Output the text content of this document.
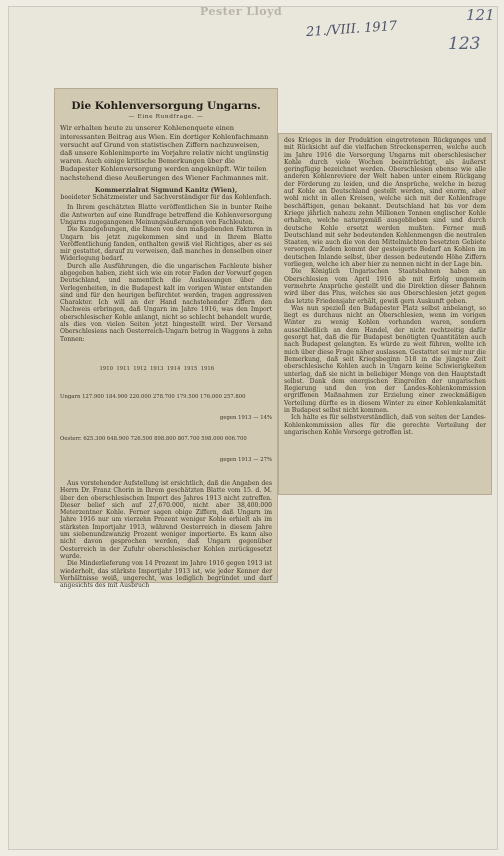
Pester Lloyd
21./VIII. 1917
121
123
Die Kohlenversorgung Ungarns.
— Eine Rundfrage. —
Wir erhalten heute zu unserer Kohlenenquete einen interessanten Beitrag aus Wien. Ein dortiger Kohlenfachmann versucht auf Grund von statistischen Ziffern nachzuweisen, daß unsere Kohlenimporte im Vorjahre relativ nicht ungünstig waren. Auch einige kritische Bemerkungen über die Budapester Kohlenversorgung werden angeknüpft. Wir teilen nachstehend diese Aeußerungen des Wiener Fachmannes mit.
Kommerzialrat Sigmund Kanitz (Wien),
beeideter Schätzmeister und Sachverständiger für das Kohlenfach.

In Ihrem geschätzten Blatte veröffentlichen Sie in bunter Reihe die Antworten auf eine Rundfrage betreffend die Kohlenversorgung Ungarns zugegangenen Meinungsäußerungen von Fachleuten.

Die Kundgebungen, die Ihnen von den maßgebenden Faktoren in Ungarn bis jetzt zugekommen sind und in Ihrem Blatte Veröffentlichung fanden, enthalten gewiß viel Richtiges, aber es sei mir gestattet, darauf zu verweisen, daß manches in denselben einer Widerlegung bedarf.

Durch alle Ausführungen, die die ungarischen Fachleute bisher abgegeben haben, zieht sich wie ein roter Faden der Vorwurf gegen Deutschland, und namentlich die Auslassungen über die Verlegenheiten, in die Budapest kalt im vorigen Winter entstanden sind und für den heurigen befürchtet werden, tragen aggressiven Charakter. Ich will an der Hand nachstehender Ziffern den Nachweis erbringen, daß Ungarn im Jahre 1916, was den Import oberschlesischer Kohle anlangt, nicht so schlecht behandelt wurde, als dies von vielen Seiten jetzt hingestellt wird. Der Versand Oberschlesiens nach Oesterreich-Ungarn betrug in Waggons à zehn Tonnen:

1910 1911 1912 1913 1914 1915 1916

Ungarn 127.900 184.900 220.000 278.700 179.500 176.000 257.800

gegen 1913 — 14%

Oesterr. 625.300 648.900 726.500 898.800 807.700 598.000 606.700

gegen 1913 — 27%

Aus vorstehender Aufstellung ist ersichtlich, daß die Angaben des Herrn Dr. Franz Chorin in Ihrem geschätzten Blatte vom 15. d. M. über den oberschlesischen Import des Jahres 1913 nicht zutreffen. Dieser belief sich auf 27,670.000, nicht aber 38,400.000 Meterzentner Kohle. Ferner sagen obige Ziffern, daß Ungarn im Jahre 1916 nur um vierzehn Prozent weniger Kohle erhielt als im stärksten Importjahr 1913, während Oesterreich in diesem Jahre um siebenundzwanzig Prozent weniger importierte. Es kann also nicht davon gesprochen werden, daß Ungarn gegenüber Oesterreich in der Zufuhr oberschlesischer Kohlen zurückgesetzt wurde.

Die Minderlieferung von 14 Prozent im Jahre 1916 gegen 1913 ist wiederholt, das stärkste Importjahr 1913 ist, wie jeder Kenner der Verhältnisse weiß, ungerecht, was lediglich begründet und darf angesichts des mit Ausbruch

des Krieges in der Produktion eingetretenen Rückganges und mit Rücksicht auf die vielfachen Streckensperren, welche auch im Jahre 1916 die Versorgung Ungarns mit oberschlesischer Kohle durch viele Wochen beeinträchtigt, als äußerst geringfügig bezeichnet werden. Oberschlesien ebenso wie alle anderen Kohlenreviere der Welt haben unter einem Rückgang der Förderung zu leiden, und die Ansprüche, welche in bezug auf Kohle an Deutschland gestellt werden, sind enorm, aber wohl nicht in allen Kreisen, welche sich mit der Kohlenfrage beschäftigen, genau bekannt. Deutschland hat bis vor dem Kriege jährlich nahezu zehn Millionen Tonnen englischer Kohle erhalten, welche naturgemäß ausgeblieben sind und durch deutsche Kohle ersetzt werden mußten. Ferner muß Deutschland mit sehr bedeutenden Kohlenmengen die neutralen Staaten, wie auch die von den Mittelmächten besetzten Gebiete versorgen. Zudem kommt der gesteigerte Bedarf an Kohlen im deutschen Inlande selbst, über dessen bedeutende Höhe Ziffern vorliegen, welche ich aber hier zu nennen nicht in der Lage bin.

Die Königlich Ungarischen Staatsbahnen haben an Oberschlesien vom April 1916 ab mit Erfolg ungemein vermehrte Ansprüche gestellt und die Direktion dieser Bahnen wird über das Plus, welches sie aus Oberschlesien jetzt gegen das letzte Friedensjahr erhält, gewiß gern Auskunft geben.

Was nun speziell den Budapester Platz selbst anbelangt, so liegt es durchaus nicht an Oberschlesien, wenn im vorigen Winter zu wenig Kohlen vorhanden waren, sondern ausschließlich an dem Handel, der nicht rechtzeitig dafür gesorgt hat, daß die für Budapest benötigten Quantitäten auch nach Budapest gelangten. Es würde zu weit führen, wollte ich mich über diese Frage näher auslassen. Gestattet sei mir nur die Bemerkung, daß seit Kriegsbeginn 518 in die jüngste Zeit oberschlesische Kohlen auch in Ungarn keine Schwierigkeiten unterlag, daß sie nicht in beliebiger Menge von den Hauptstadt selbst. Dank dem energischen Eingreifen der ungarischen Regierung und den von der Landes-Kohlenkommission ergriffenen Maßnahmen zur Erzielung einer zweckmäßigen Verteilung dürfte es in diesem Winter zu einer Kohlenkalamität in Budapest selbst nicht kommen.

Ich halte es für selbstverständlich, daß von seiten der Landes-Kohlenkommission alles für die gerechte Verteilung der ungarischen Kohle Vorsorge getroffen ist.
